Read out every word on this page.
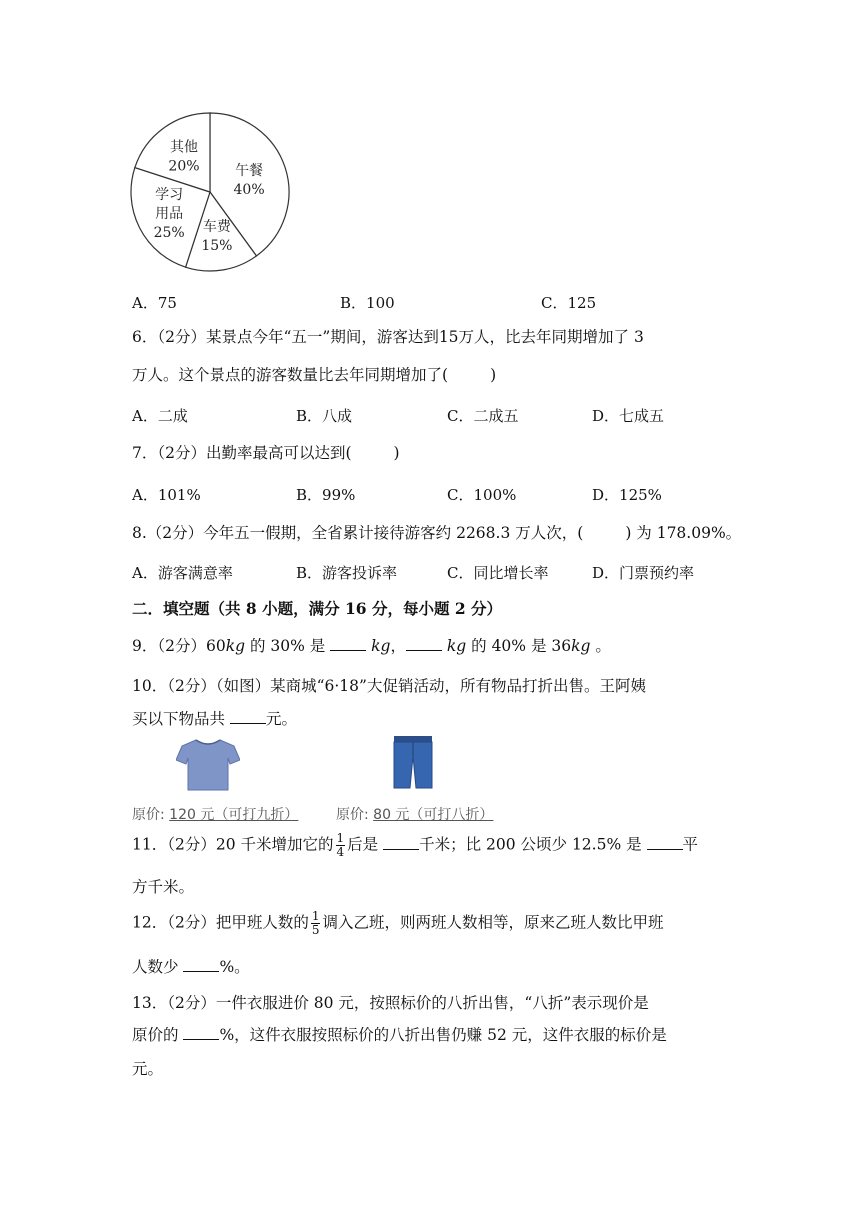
午餐
40%
车费
15%
学习
用品
25%
其他
20%
A．75	B．100	C．125
6．（2分）某景点今年“五一”期间，游客达到15万人，比去年同期增加了 3
万人。这个景点的游客数量比去年同期增加了(	)
A．二成	B．八成	C．二成五	D．七成五
7．（2分）出勤率最高可以达到(	)
A．101%	B．99%	C．100%	D．125%
8.（2分）今年五一假期，全省累计接待游客约 2268.3 万人次，(	) 为 178.09%。
A．游客满意率	B．游客投诉率	C．同比增长率	D．门票预约率
二．填空题（共 8 小题，满分 16 分，每小题 2 分）
9．（2分）60kg 的 30% 是  kg， kg 的 40% 是 36kg 。
10．（2分）（如图）某商城“6·18”大促销活动，所有物品打折出售。王阿姨
买以下物品共 元。
原价: 120 元（可打九折）	原价: 80 元（可打八折）
11．（2分）20 千米增加它的 $\frac{1}{4}$ 后是 千米；比 200 公顷少 12.5% 是 平
方千米。
12．（2分）把甲班人数的 $\frac{1}{5}$ 调入乙班，则两班人数相等，原来乙班人数比甲班
人数少 %。
13．（2分）一件衣服进价 80 元，按照标价的八折出售，“八折”表示现价是
原价的 %，这件衣服按照标价的八折出售仍赚 52 元，这件衣服的标价是
元。
